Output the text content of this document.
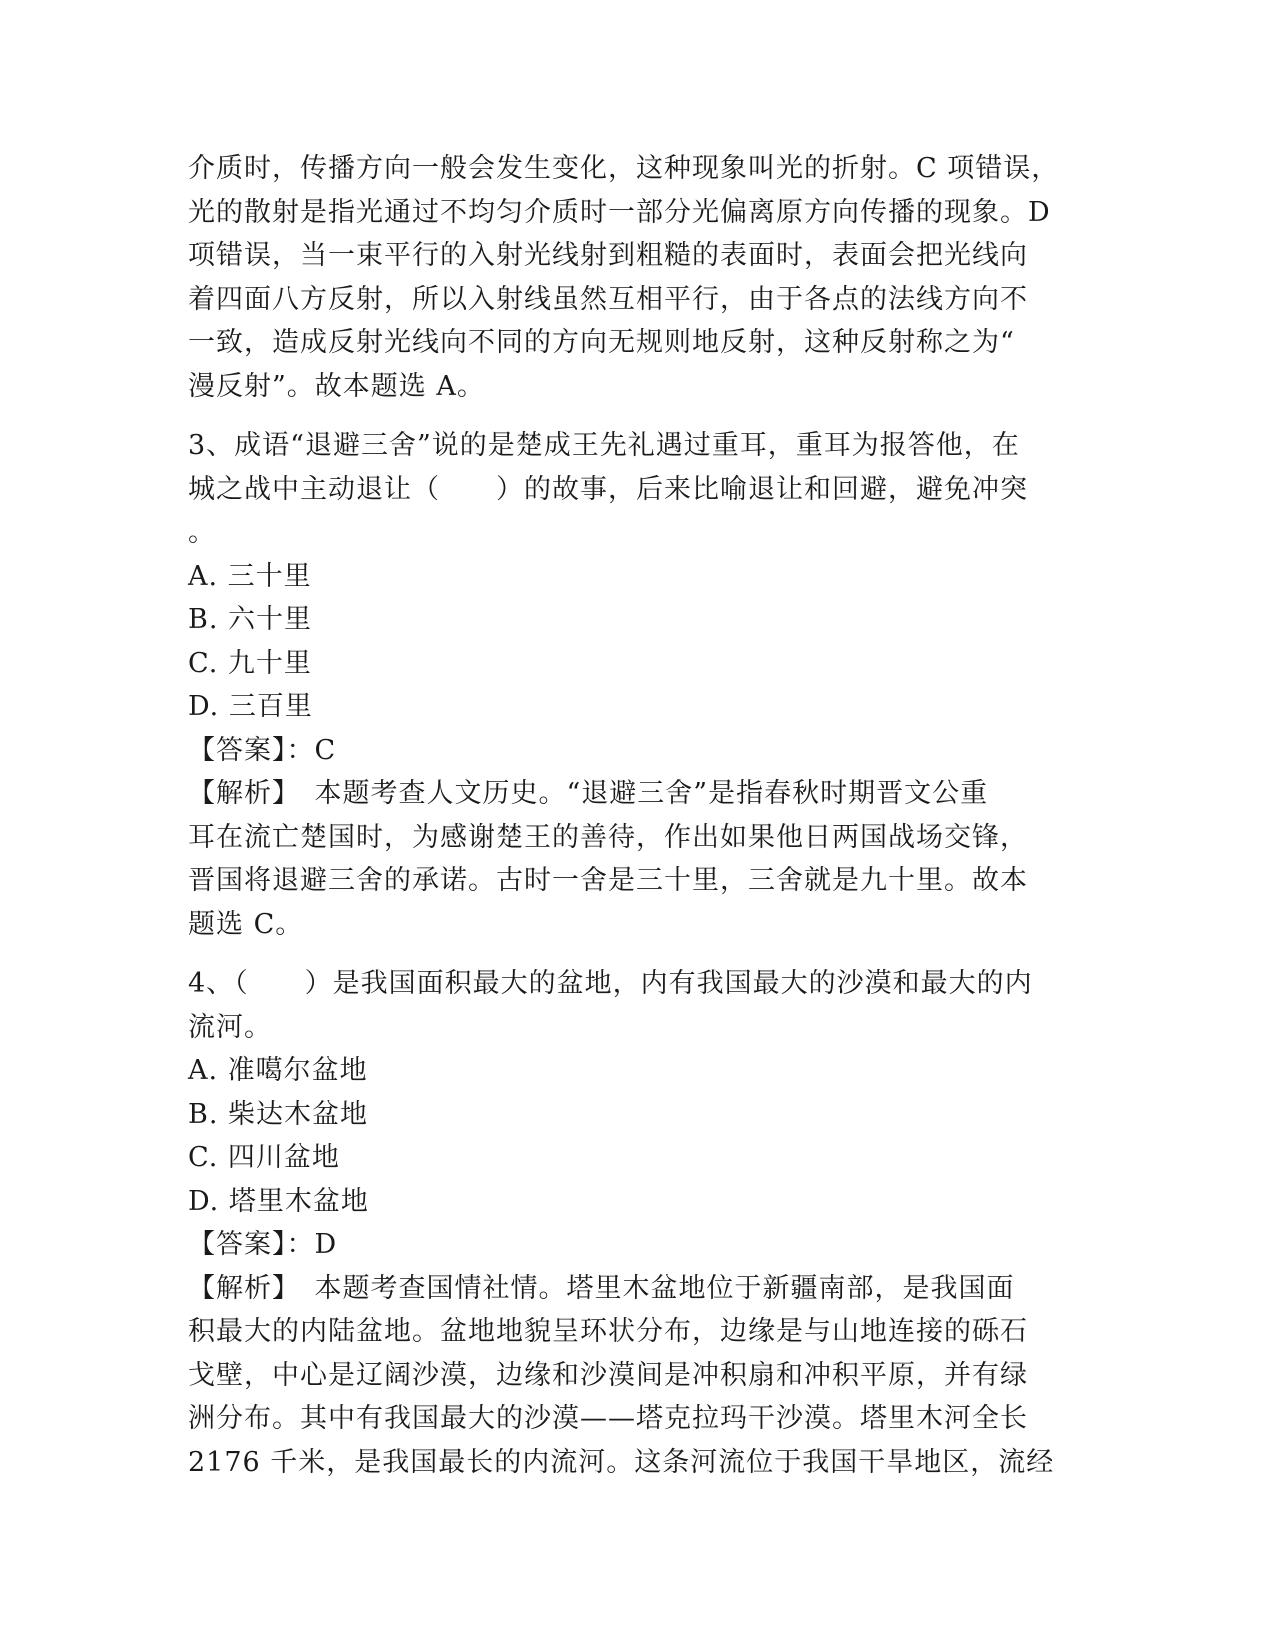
介质时，传播方向一般会发生变化，这种现象叫光的折射。C 项错误，
光的散射是指光通过不均匀介质时一部分光偏离原方向传播的现象。D
项错误，当一束平行的入射光线射到粗糙的表面时，表面会把光线向
着四面八方反射，所以入射线虽然互相平行，由于各点的法线方向不
一致，造成反射光线向不同的方向无规则地反射，这种反射称之为“
漫反射”。故本题选 A。
3、成语“退避三舍”说的是楚成王先礼遇过重耳，重耳为报答他，在
城之战中主动退让（　　）的故事，后来比喻退让和回避，避免冲突
。
A. 三十里
B. 六十里
C. 九十里
D. 三百里
【答案】：C
【解析】　本题考查人文历史。“退避三舍”是指春秋时期晋文公重
耳在流亡楚国时，为感谢楚王的善待，作出如果他日两国战场交锋，
晋国将退避三舍的承诺。古时一舍是三十里，三舍就是九十里。故本
题选 C。
4、（　　）是我国面积最大的盆地，内有我国最大的沙漠和最大的内
流河。
A. 准噶尔盆地
B. 柴达木盆地
C. 四川盆地
D. 塔里木盆地
【答案】：D
【解析】　本题考查国情社情。塔里木盆地位于新疆南部，是我国面
积最大的内陆盆地。盆地地貌呈环状分布，边缘是与山地连接的砾石
戈壁，中心是辽阔沙漠，边缘和沙漠间是冲积扇和冲积平原，并有绿
洲分布。其中有我国最大的沙漠——塔克拉玛干沙漠。塔里木河全长
2176 千米，是我国最长的内流河。这条河流位于我国干旱地区，流经
